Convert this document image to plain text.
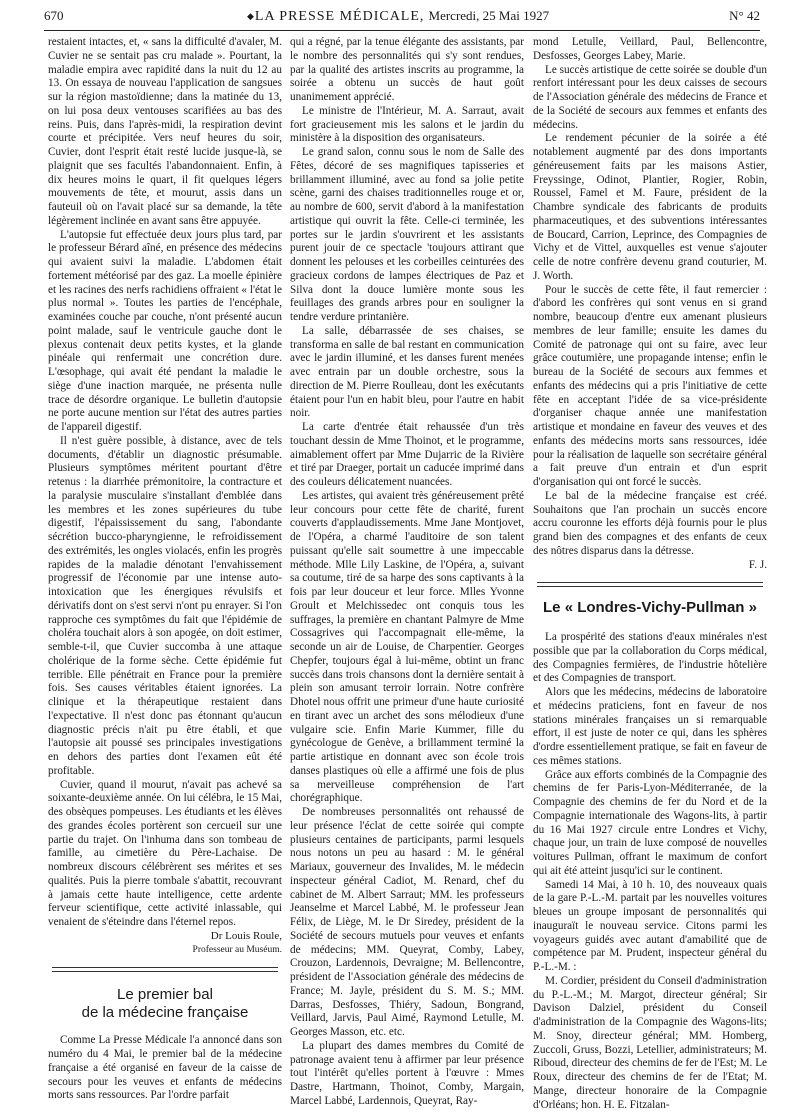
670	◆ LA PRESSE MÉDICALE, Mercredi, 25 Mai 1927	N° 42

restaient intactes, et, « sans la difficulté d'avaler, M. Cuvier ne se sentait pas cru malade ». Pourtant, la maladie empira avec rapidité dans la nuit du 12 au 13. On essaya de nouveau l'application de sangsues sur la région mastoïdienne; dans la matinée du 13, on lui posa deux ventouses scarifiées au bas des reins. Puis, dans l'après-midi, la respiration devint courte et précipitée. Vers neuf heures du soir, Cuvier, dont l'esprit était resté lucide jusque-là, se plaignit que ses facultés l'abandonnaient. Enfin, à dix heures moins le quart, il fit quelques légers mouvements de tête, et mourut, assis dans un fauteuil où on l'avait placé sur sa demande, la tête légèrement inclinée en avant sans être appuyée.

L'autopsie fut effectuée deux jours plus tard, par le professeur Bérard aîné, en présence des médecins qui avaient suivi la maladie. L'abdomen était fortement météorisé par des gaz. La moelle épinière et les racines des nerfs rachidiens offraient « l'état le plus normal ». Toutes les parties de l'encéphale, examinées couche par couche, n'ont présenté aucun point malade, sauf le ventricule gauche dont le plexus contenait deux petits kystes, et la glande pinéale qui renfermait une concrétion dure. L'œsophage, qui avait été pendant la maladie le siège d'une inaction marquée, ne présenta nulle trace de désordre organique. Le bulletin d'autopsie ne porte aucune mention sur l'état des autres parties de l'appareil digestif.

Il n'est guère possible, à distance, avec de tels documents, d'établir un diagnostic présumable. Plusieurs symptômes méritent pourtant d'être retenus : la diarrhée prémonitoire, la contracture et la paralysie musculaire s'installant d'emblée dans les membres et les zones supérieures du tube digestif, l'épaississement du sang, l'abondante sécrétion bucco-pharyngienne, le refroidissement des extrémités, les ongles violacés, enfin les progrès rapides de la maladie dénotant l'envahissement progressif de l'économie par une intense auto-intoxication que les énergiques révulsifs et dérivatifs dont on s'est servi n'ont pu enrayer. Si l'on rapproche ces symptômes du fait que l'épidémie de choléra touchait alors à son apogée, on doit estimer, semble-t-il, que Cuvier succomba à une attaque cholérique de la forme sèche. Cette épidémie fut terrible. Elle pénétrait en France pour la première fois. Ses causes véritables étaient ignorées. La clinique et la thérapeutique restaient dans l'expectative. Il n'est donc pas étonnant qu'aucun diagnostic précis n'ait pu être établi, et que l'autopsie ait poussé ses principales investigations en dehors des parties dont l'examen eût été profitable.

Cuvier, quand il mourut, n'avait pas achevé sa soixante-deuxième année. On lui célébra, le 15 Mai, des obsèques pompeuses. Les étudiants et les élèves des grandes écoles portèrent son cercueil sur une partie du trajet. On l'inhuma dans son tombeau de famille, au cimetière du Père-Lachaise. De nombreux discours célébrèrent ses mérites et ses qualités. Puis la pierre tombale s'abattit, recouvrant à jamais cette haute intelligence, cette ardente ferveur scientifique, cette activité inlassable, qui venaient de s'éteindre dans l'éternel repos.

Dr Louis Roule,

Professeur au Muséum.

Le premier bal
de la médecine française

Comme La Presse Médicale l'a annoncé dans son numéro du 4 Mai, le premier bal de la médecine française a été organisé en faveur de la caisse de secours pour les veuves et enfants de médecins morts sans ressources. Par l'ordre parfait

qui a régné, par la tenue élégante des assistants, par le nombre des personnalités qui s'y sont rendues, par la qualité des artistes inscrits au programme, la soirée a obtenu un succès de haut goût unanimement apprécié.

Le ministre de l'Intérieur, M. A. Sarraut, avait fort gracieusement mis les salons et le jardin du ministère à la disposition des organisateurs.

Le grand salon, connu sous le nom de Salle des Fêtes, décoré de ses magnifiques tapisseries et brillamment illuminé, avec au fond sa jolie petite scène, garni des chaises traditionnelles rouge et or, au nombre de 600, servit d'abord à la manifestation artistique qui ouvrit la fête. Celle-ci terminée, les portes sur le jardin s'ouvrirent et les assistants purent jouir de ce spectacle 'toujours attirant que donnent les pelouses et les corbeilles ceinturées des gracieux cordons de lampes électriques de Paz et Silva dont la douce lumière monte sous les feuillages des grands arbres pour en souligner la tendre verdure printanière.

La salle, débarrassée de ses chaises, se transforma en salle de bal restant en communication avec le jardin illuminé, et les danses furent menées avec entrain par un double orchestre, sous la direction de M. Pierre Roulleau, dont les exécutants étaient pour l'un en habit bleu, pour l'autre en habit noir.

La carte d'entrée était rehaussée d'un très touchant dessin de Mme Thoinot, et le programme, aimablement offert par Mme Dujarric de la Rivière et tiré par Draeger, portait un caducée imprimé dans des couleurs délicatement nuancées.

Les artistes, qui avaient très généreusement prêté leur concours pour cette fête de charité, furent couverts d'applaudissements. Mme Jane Montjovet, de l'Opéra, a charmé l'auditoire de son talent puissant qu'elle sait soumettre à une impeccable méthode. Mlle Lily Laskine, de l'Opéra, a, suivant sa coutume, tiré de sa harpe des sons captivants à la fois par leur douceur et leur force. Mlles Yvonne Groult et Melchissedec ont conquis tous les suffrages, la première en chantant Palmyre de Mme Cossagrives qui l'accompagnait elle-même, la seconde un air de Louise, de Charpentier. Georges Chepfer, toujours égal à lui-même, obtint un franc succès dans trois chansons dont la dernière sentait à plein son amusant terroir lorrain. Notre confrère Dhotel nous offrit une primeur d'une haute curiosité en tirant avec un archet des sons mélodieux d'une vulgaire scie. Enfin Marie Kummer, fille du gynécologue de Genève, a brillamment terminé la partie artistique en donnant avec son école trois danses plastiques où elle a affirmé une fois de plus sa merveilleuse compréhension de l'art chorégraphique.

De nombreuses personnalités ont rehaussé de leur présence l'éclat de cette soirée qui compte plusieurs centaines de participants, parmi lesquels nous notons un peu au hasard : M. le général Mariaux, gouverneur des Invalides, M. le médecin inspecteur général Cadiot, M. Renard, chef du cabinet de M. Albert Sarraut; MM. les professeurs Jeanselme et Marcel Labbé, M. le professeur Jean Félix, de Liège, M. le Dr Siredey, président de la Société de secours mutuels pour veuves et enfants de médecins; MM. Queyrat, Comby, Labey, Crouzon, Lardennois, Devraigne; M. Bellencontre, président de l'Association générale des médecins de France; M. Jayle, président du S. M. S.; MM. Darras, Desfosses, Thiéry, Sadoun, Bongrand, Veillard, Jarvis, Paul Aimé, Raymond Letulle, M. Georges Masson, etc. etc.

La plupart des dames membres du Comité de patronage avaient tenu à affirmer par leur présence tout l'intérêt qu'elles portent à l'œuvre : Mmes Dastre, Hartmann, Thoinot, Comby, Margain, Marcel Labbé, Lardennois, Queyrat, Ray-

mond Letulle, Veillard, Paul, Bellencontre, Desfosses, Georges Labey, Marie.

Le succès artistique de cette soirée se double d'un renfort intéressant pour les deux caisses de secours de l'Association générale des médecins de France et de la Société de secours aux femmes et enfants des médecins.

Le rendement pécunier de la soirée a été notablement augmenté par des dons importants généreusement faits par les maisons Astier, Freyssinge, Odinot, Plantier, Rogier, Robin, Roussel, Famel et M. Faure, président de la Chambre syndicale des fabricants de produits pharmaceutiques, et des subventions intéressantes de Boucard, Carrion, Leprince, des Compagnies de Vichy et de Vittel, auxquelles est venue s'ajouter celle de notre confrère devenu grand couturier, M. J. Worth.

Pour le succès de cette fête, il faut remercier : d'abord les confrères qui sont venus en si grand nombre, beaucoup d'entre eux amenant plusieurs membres de leur famille; ensuite les dames du Comité de patronage qui ont su faire, avec leur grâce coutumière, une propagande intense; enfin le bureau de la Société de secours aux femmes et enfants des médecins qui a pris l'initiative de cette fête en acceptant l'idée de sa vice-présidente d'organiser chaque année une manifestation artistique et mondaine en faveur des veuves et des enfants des médecins morts sans ressources, idée pour la réalisation de laquelle son secrétaire général a fait preuve d'un entrain et d'un esprit d'organisation qui ont forcé le succès.

Le bal de la médecine française est créé. Souhaitons que l'an prochain un succès encore accru couronne les efforts déjà fournis pour le plus grand bien des compagnes et des enfants de ceux des nôtres disparus dans la détresse.

F. J.

Le « Londres-Vichy-Pullman »

La prospérité des stations d'eaux minérales n'est possible que par la collaboration du Corps médical, des Compagnies fermières, de l'industrie hôtelière et des Compagnies de transport.

Alors que les médecins, médecins de laboratoire et médecins praticiens, font en faveur de nos stations minérales françaises un si remarquable effort, il est juste de noter ce qui, dans les sphères d'ordre essentiellement pratique, se fait en faveur de ces mêmes stations.

Grâce aux efforts combinés de la Compagnie des chemins de fer Paris-Lyon-Méditerranée, de la Compagnie des chemins de fer du Nord et de la Compagnie internationale des Wagons-lits, à partir du 16 Mai 1927 circule entre Londres et Vichy, chaque jour, un train de luxe composé de nouvelles voitures Pullman, offrant le maximum de confort qui ait été atteint jusqu'ici sur le continent.

Samedi 14 Mai, à 10 h. 10, des nouveaux quais de la gare P.-L.-M. partait par les nouvelles voitures bleues un groupe imposant de personnalités qui inauguraït le nouveau service. Citons parmi les voyageurs guidés avec autant d'amabilité que de compétence par M. Prudent, inspecteur général du P.-L.-M. :

M. Cordier, président du Conseil d'administration du P.-L.-M.; M. Margot, directeur général; Sir Davison Dalziel, président du Conseil d'administration de la Compagnie des Wagons-lits; M. Snoy, directeur général; MM. Homberg, Zuccoli, Gruss, Bozzi, Letellier, administrateurs; M. Riboud, directeur des chemins de fer de l'Est; M. Le Roux, directeur des chemins de fer de l'Etat; M. Mange, directeur honoraire de la Compagnie d'Orléans; hon. H. E. Fitzalan-
